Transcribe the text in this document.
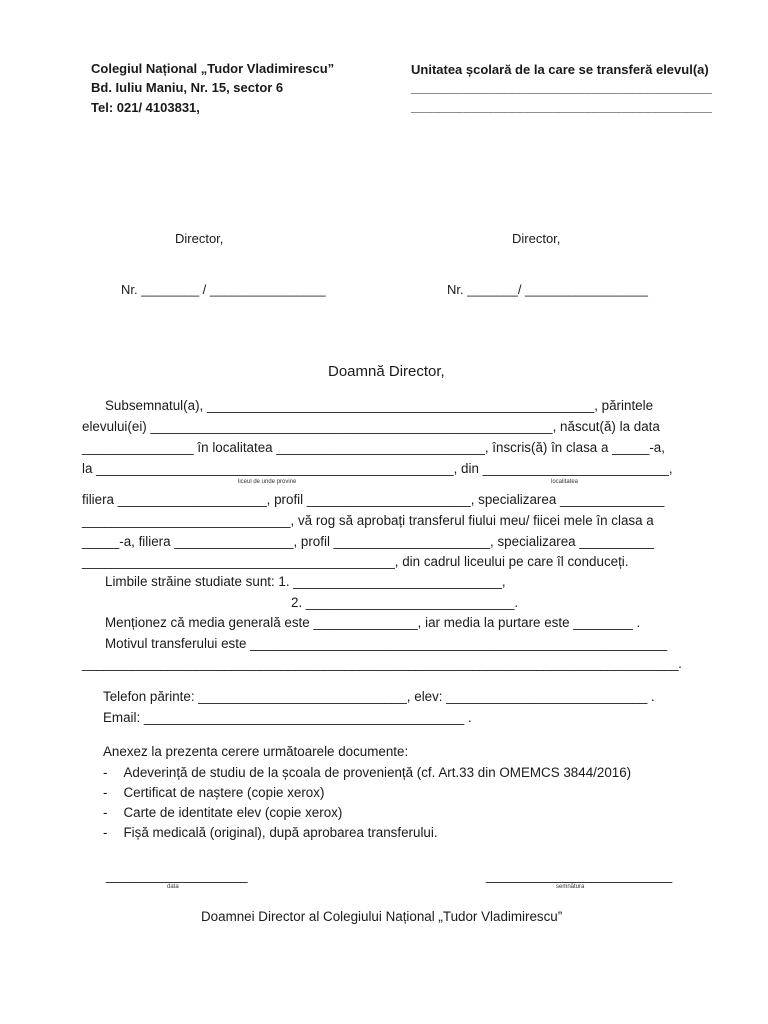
Colegiul Național „Tudor Vladimirescu”
Bd. Iuliu Maniu, Nr. 15, sector 6
Tel: 021/ 4103831,
Unitatea școlară de la care se transferă elevul(a)
________________________________________
________________________________________
Director,	Director,
Nr. ________ / ________________	Nr. _______/ _________________
Doamnă Director,
Subsemnatul(a), ____________________________________________________, părintele
elevului(ei) ______________________________________________________, născut(ă) la data
_______________ în localitatea ____________________________, înscris(ă) în clasa a _____-a,
la ________________________________________________, din _________________________,
liceul de unde provine	localitatea
filiera ____________________, profil ______________________, specializarea ______________
____________________________, vă rog să aprobați transferul fiului meu/ fiicei mele în clasa a
_____-a, filiera ________________, profil _____________________, specializarea __________
__________________________________________, din cadrul liceului pe care îl conduceți.
Limbile străine studiate sunt: 1. ____________________________,
2. ____________________________.
Menționez că media generală este ______________, iar media la purtare este ________ .
Motivul transferului este ________________________________________________________
____________________________________________________________________________________.
Telefon părinte: ____________________________, elev: ___________________________ .
Email: ___________________________________________ .
Anexez la prezenta cerere următoarele documente:
- Adeverință de studiu de la școala de proveniență (cf. Art.33 din OMEMCS 3844/2016)
- Certificat de naștere (copie xerox)
- Carte de identitate elev (copie xerox)
- Fișă medicală (original), după aprobarea transferului.
___________________
data
_________________________
semnătura
Doamnei Director al Colegiului Național „Tudor Vladimirescu”
